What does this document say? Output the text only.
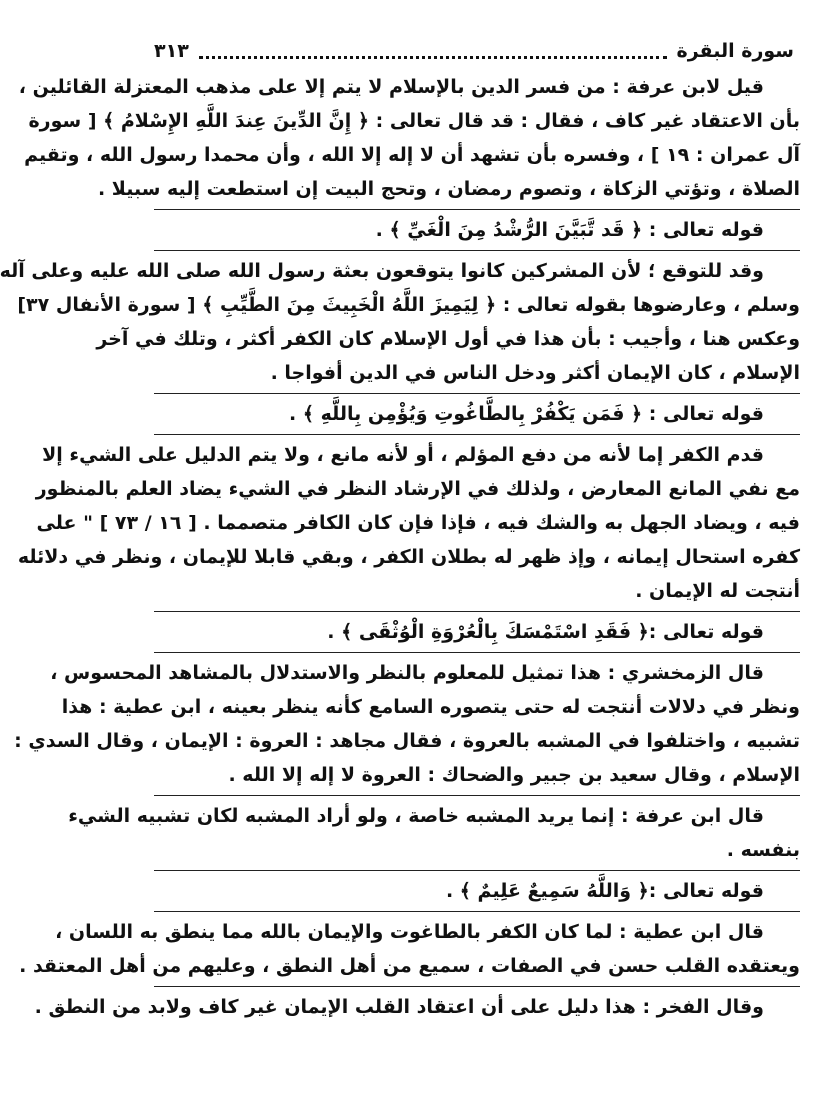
سورة البقرة
٣١٣
قيل لابن عرفة : من فسر الدين بالإسلام لا يتم إلا على مذهب المعتزلة القائلين ،
بأن الاعتقاد غير كاف ، فقال : قد قال تعالى : ﴿ إِنَّ الدِّينَ عِندَ اللَّهِ الإِسْلامُ ﴾ [ سورة
آل عمران : ١٩ ] ، وفسره بأن تشهد أن لا إله إلا الله ، وأن محمدا رسول الله ، وتقيم
الصلاة ، وتؤتي الزكاة ، وتصوم رمضان ، وتحج البيت إن استطعت إليه سبيلا .
قوله تعالى : ﴿ قَد تَّبَيَّنَ الرُّشْدُ مِنَ الْغَيِّ ﴾ .
وقد للتوقع ؛ لأن المشركين كانوا يتوقعون بعثة رسول الله صلى الله عليه وعلى آله
وسلم ، وعارضوها بقوله تعالى : ﴿ لِيَمِيزَ اللَّهُ الْخَبِيثَ مِنَ الطَّيِّبِ ﴾ [ سورة الأنفال ٣٧]
وعكس هنا ، وأجيب : بأن هذا في أول الإسلام كان الكفر أكثر ، وتلك في آخر
الإسلام ، كان الإيمان أكثر ودخل الناس في الدين أفواجا .
قوله تعالى : ﴿ فَمَن يَكْفُرْ بِالطَّاغُوتِ وَيُؤْمِن بِاللَّهِ ﴾ .
قدم الكفر إما لأنه من دفع المؤلم ، أو لأنه مانع ، ولا يتم الدليل على الشيء إلا
مع نفي المانع المعارض ، ولذلك في الإرشاد النظر في الشيء يضاد العلم بالمنظور
فيه ، ويضاد الجهل به والشك فيه ، فإذا فإن كان الكافر متصمما . [ ١٦ / ٧٣ ] " على
كفره استحال إيمانه ، وإذ ظهر له بطلان الكفر ، وبقي قابلا للإيمان ، ونظر في دلائله
أنتجت له الإيمان .
قوله تعالى :﴿ فَقَدِ اسْتَمْسَكَ بِالْعُرْوَةِ الْوُثْقَى ﴾ .
قال الزمخشري : هذا تمثيل للمعلوم بالنظر والاستدلال بالمشاهد المحسوس ،
ونظر في دلالات أنتجت له حتى يتصوره السامع كأنه ينظر بعينه ، ابن عطية : هذا
تشبيه ، واختلفوا في المشبه بالعروة ، فقال مجاهد : العروة : الإيمان ، وقال السدي :
الإسلام ، وقال سعيد بن جبير والضحاك : العروة لا إله إلا الله .
قال ابن عرفة : إنما يريد المشبه خاصة ، ولو أراد المشبه لكان تشبيه الشيء
بنفسه .
قوله تعالى :﴿ وَاللَّهُ سَمِيعٌ عَلِيمٌ ﴾ .
قال ابن عطية : لما كان الكفر بالطاغوت والإيمان بالله مما ينطق به اللسان ،
ويعتقده القلب حسن في الصفات ، سميع من أهل النطق ، وعليهم من أهل المعتقد .
وقال الفخر : هذا دليل على أن اعتقاد القلب الإيمان غير كاف ولابد من النطق .
